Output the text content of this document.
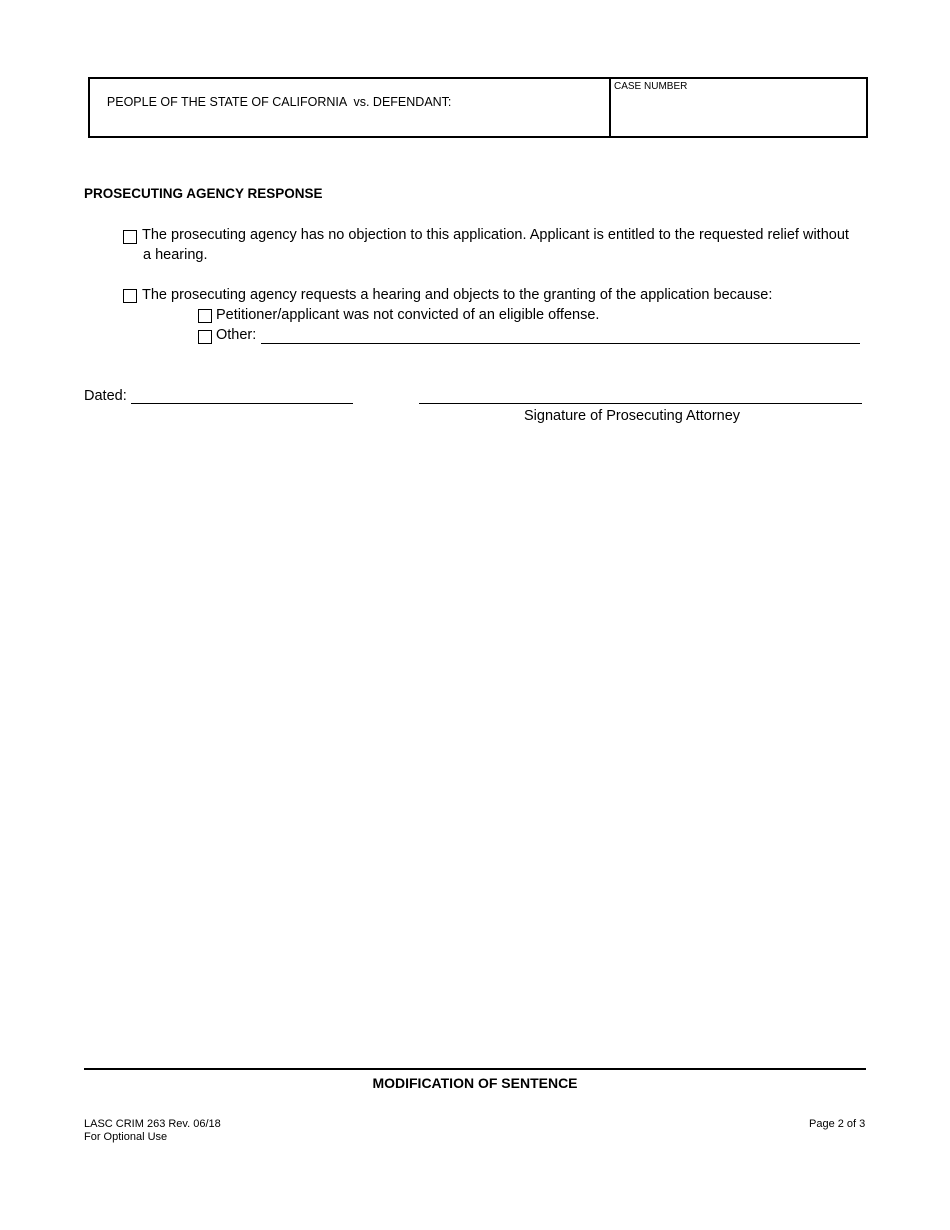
PEOPLE OF THE STATE OF CALIFORNIA  vs. DEFENDANT:

CASE NUMBER
PROSECUTING AGENCY RESPONSE
The prosecuting agency has no objection to this application. Applicant is entitled to the requested relief without
a hearing.
The prosecuting agency requests a hearing and objects to the granting of the application because:
Petitioner/applicant was not convicted of an eligible offense.
Other:
Dated:
Signature of Prosecuting Attorney
MODIFICATION OF SENTENCE
LASC CRIM 263 Rev. 06/18
For Optional Use
Page 2 of 3
